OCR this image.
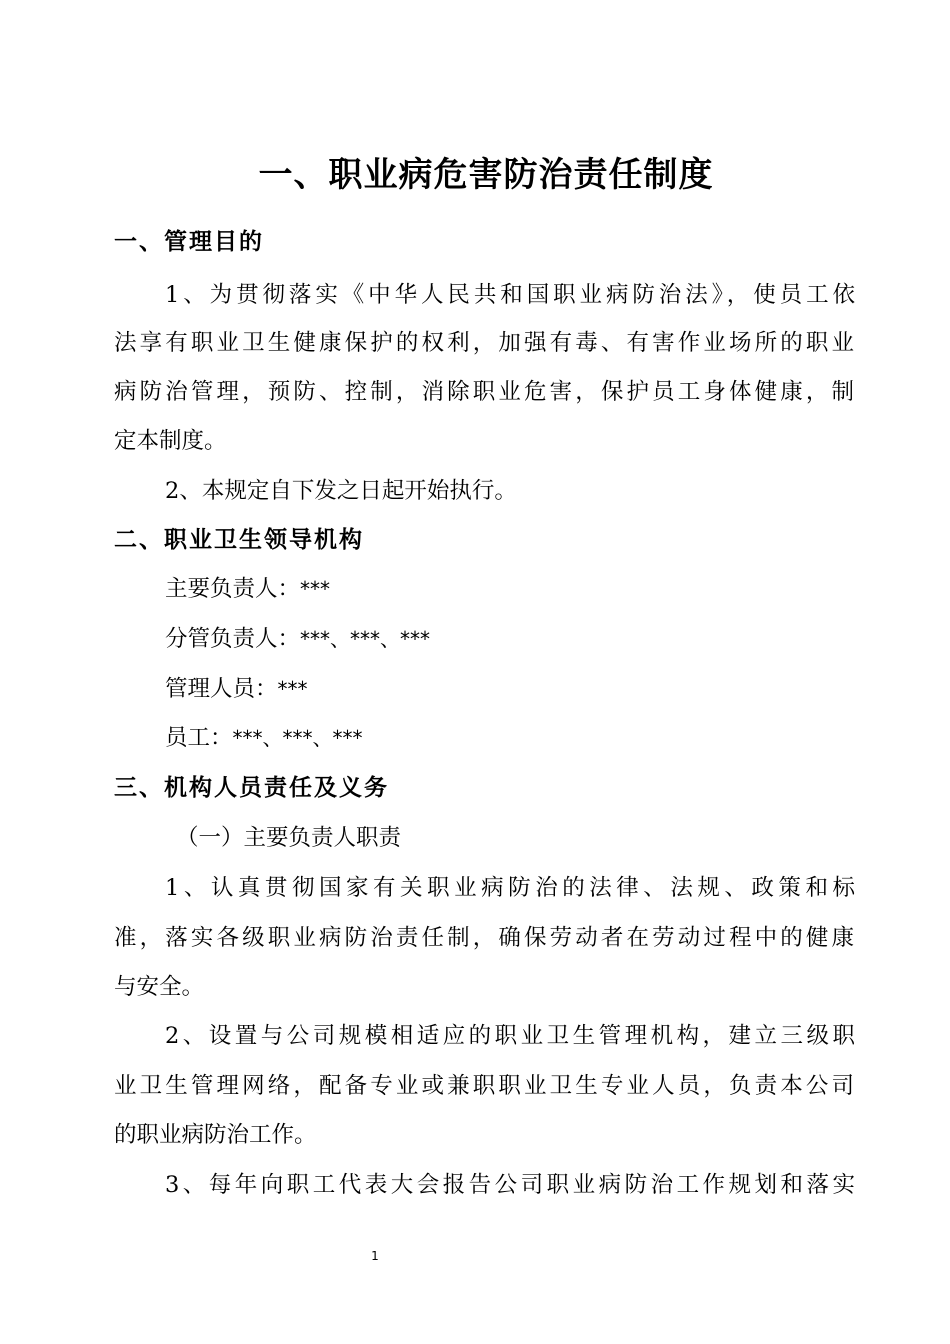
一、职业病危害防治责任制度
一、管理目的
1、为贯彻落实《中华人民共和国职业病防治法》，使员工依
法享有职业卫生健康保护的权利，加强有毒、有害作业场所的职业
病防治管理，预防、控制，消除职业危害，保护员工身体健康，制
定本制度。
2、本规定自下发之日起开始执行。
二、职业卫生领导机构
主要负责人：***
分管负责人：***、***、***
管理人员：***
员工：***、***、***
三、机构人员责任及义务
（一）主要负责人职责
1、认真贯彻国家有关职业病防治的法律、法规、政策和标
准，落实各级职业病防治责任制，确保劳动者在劳动过程中的健康
与安全。
2、设置与公司规模相适应的职业卫生管理机构，建立三级职
业卫生管理网络，配备专业或兼职职业卫生专业人员，负责本公司
的职业病防治工作。
3、每年向职工代表大会报告公司职业病防治工作规划和落实
1
